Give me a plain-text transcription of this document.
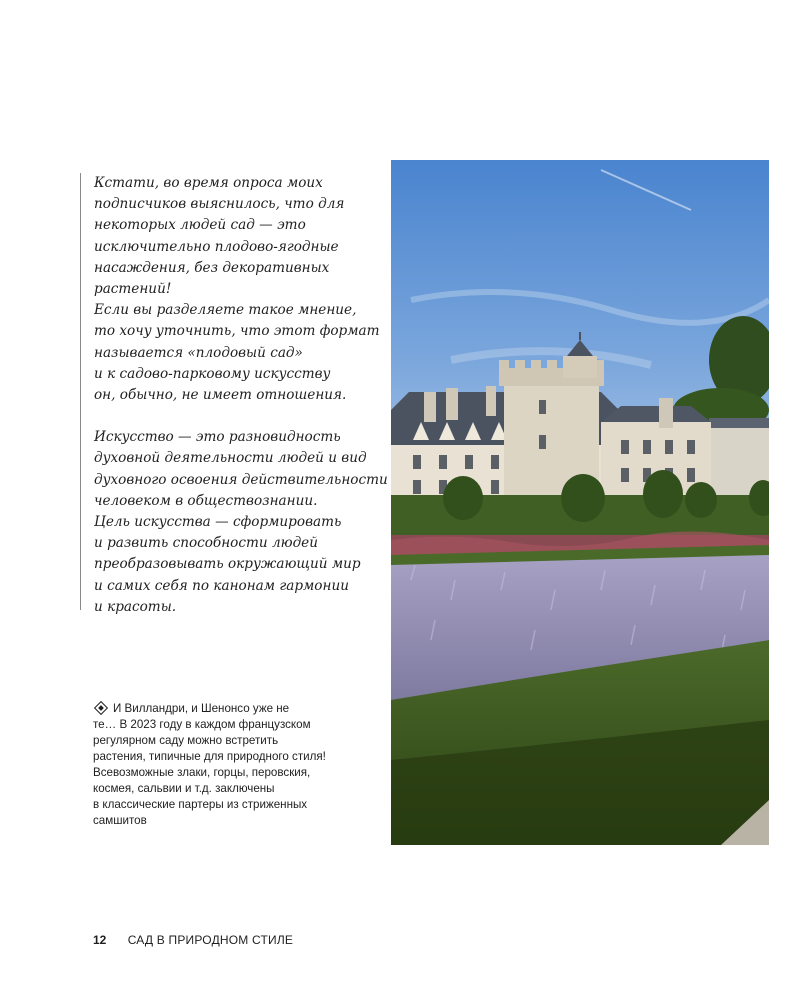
Кстати, во время опроса моих
подписчиков выяснилось, что для
некоторых людей сад — это
исключительно плодово-ягодные
насаждения, без декоративных
растений!
Если вы разделяете такое мнение,
то хочу уточнить, что этот формат
называется «плодовый сад»
и к садово-парковому искусству
он, обычно, не имеет отношения.
Искусство — это разновидность
духовной деятельности людей и вид
духовного освоения действительности
человеком в обществознании.
Цель искусства — сформировать
и развить способности людей
преобразовывать окружающий мир
и самих себя по канонам гармонии
и красоты.
И Вилландри, и Шенонсо уже не
те… В 2023 году в каждом французском
регулярном саду можно встретить
растения, типичные для природного стиля!
Всевозможные злаки, горцы, перовския,
космея, сальвии и т.д. заключены
в классические партеры из стриженных
самшитов
12 САД В ПРИРОДНОМ СТИЛЕ
